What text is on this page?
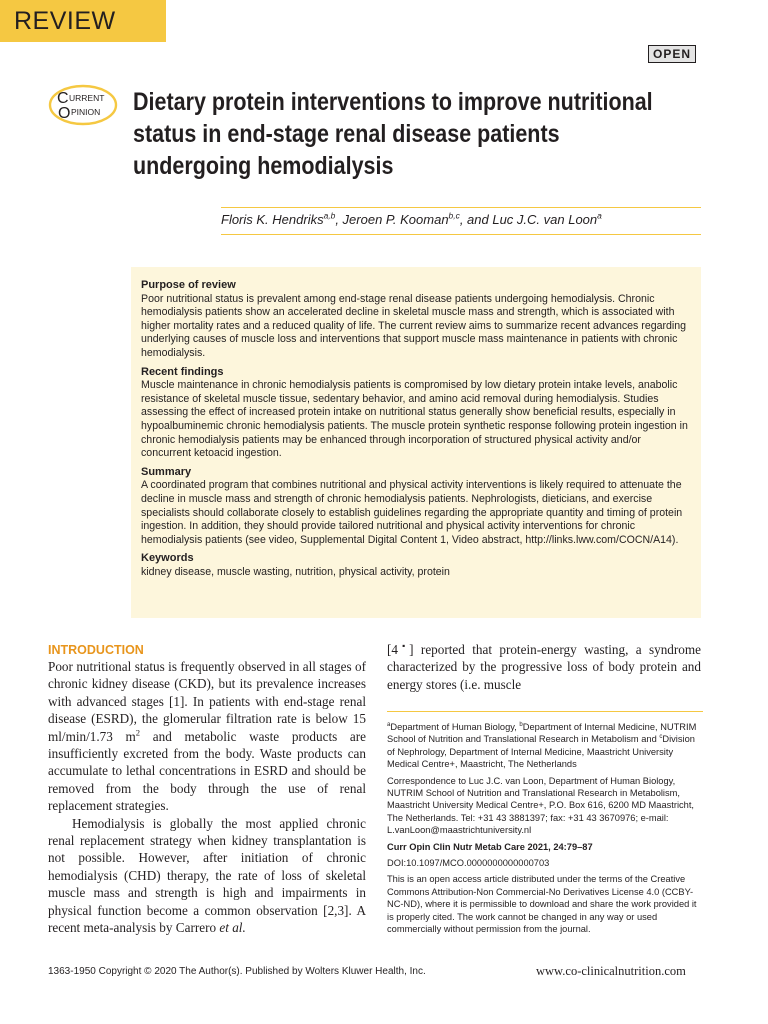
REVIEW
OPEN
C URRENT
O PINION Dietary protein interventions to improve nutritional
status in end-stage renal disease patients
undergoing hemodialysis
Floris K. Hendriks$^{a,b}$, Jeroen P. Kooman$^{b,c}$, and Luc J.C. van Loon$^a$
Purpose of review

Poor nutritional status is prevalent among end-stage renal disease patients undergoing hemodialysis. Chronic hemodialysis patients show an accelerated decline in skeletal muscle mass and strength, which is associated with higher mortality rates and a reduced quality of life. The current review aims to summarize recent advances regarding underlying causes of muscle loss and interventions that support muscle mass maintenance in patients with chronic hemodialysis.

Recent findings

Muscle maintenance in chronic hemodialysis patients is compromised by low dietary protein intake levels, anabolic resistance of skeletal muscle tissue, sedentary behavior, and amino acid removal during hemodialysis. Studies assessing the effect of increased protein intake on nutritional status generally show beneficial results, especially in hypoalbuminemic chronic hemodialysis patients. The muscle protein synthetic response following protein ingestion in chronic hemodialysis patients may be enhanced through incorporation of structured physical activity and/or concurrent ketoacid ingestion.

Summary

A coordinated program that combines nutritional and physical activity interventions is likely required to attenuate the decline in muscle mass and strength of chronic hemodialysis patients. Nephrologists, dieticians, and exercise specialists should collaborate closely to establish guidelines regarding the appropriate quantity and timing of protein ingestion. In addition, they should provide tailored nutritional and physical activity interventions for chronic hemodialysis patients (see video, Supplemental Digital Content 1, Video abstract, http://links.lww.com/COCN/A14).

Keywords

kidney disease, muscle wasting, nutrition, physical activity, protein

INTRODUCTION

Poor nutritional status is frequently observed in all stages of chronic kidney disease (CKD), but its prevalence increases with advanced stages [1]. In patients with end-stage renal disease (ESRD), the glomerular filtration rate is below 15 ml/min/1.73 $m^2$ and metabolic waste products are insufficiently excreted from the body. Waste products can accumulate to lethal concentrations in ESRD and should be removed from the body through the use of renal replacement strategies.

Hemodialysis is globally the most applied chronic renal replacement strategy when kidney transplantation is not possible. However, after initiation of chronic hemodialysis (CHD) therapy, the rate of loss of skeletal muscle mass and strength is high and impairments in physical function become a common observation [2,3]. A recent meta-analysis by Carrero et al.

[4▪] reported that protein-energy wasting, a syndrome characterized by the progressive loss of body protein and energy stores (i.e. muscle

$^a$Department of Human Biology, $^b$Department of Internal Medicine, NUTRIM School of Nutrition and Translational Research in Metabolism and $^c$Division of Nephrology, Department of Internal Medicine, Maastricht University Medical Centre+, Maastricht, The Netherlands

Correspondence to Luc J.C. van Loon, Department of Human Biology, NUTRIM School of Nutrition and Translational Research in Metabolism, Maastricht University Medical Centre+, P.O. Box 616, 6200 MD Maastricht, The Netherlands. Tel: +31 43 3881397; fax: +31 43 3670976; e-mail: L.vanLoon@maastrichtuniversity.nl

Curr Opin Clin Nutr Metab Care 2021, 24:79–87

DOI:10.1097/MCO.0000000000000703

This is an open access article distributed under the terms of the Creative Commons Attribution-Non Commercial-No Derivatives License 4.0 (CCBY-NC-ND), where it is permissible to download and share the work provided it is properly cited. The work cannot be changed in any way or used commercially without permission from the journal.

1363-1950 Copyright © 2020 The Author(s). Published by Wolters Kluwer Health, Inc.	www.co-clinicalnutrition.com
